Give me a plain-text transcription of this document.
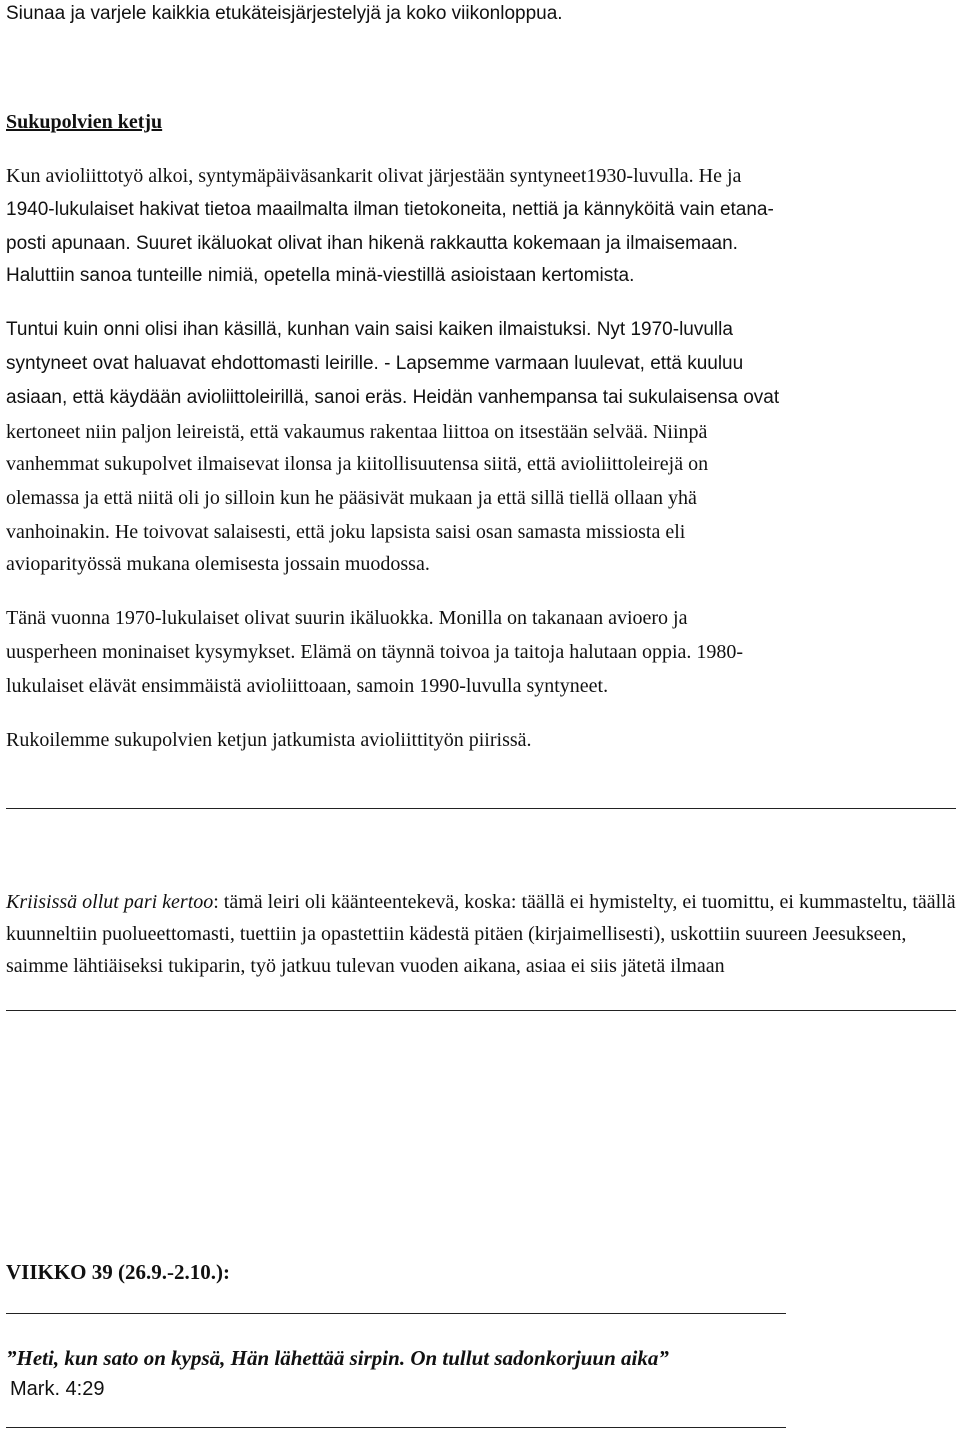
Siunaa ja varjele kaikkia etukäteisjärjestelyjä ja koko viikonloppua.
Sukupolvien ketju
Kun avioliittotyö alkoi, syntymäpäiväsankarit olivat järjestään syntyneet1930-luvulla. He ja
1940-lukulaiset hakivat tietoa maailmalta ilman tietokoneita, nettiä ja kännyköitä vain etana-
posti apunaan. Suuret ikäluokat olivat ihan hikenä rakkautta kokemaan ja ilmaisemaan.
Haluttiin sanoa tunteille nimiä, opetella minä-viestillä asioistaan kertomista.
Tuntui kuin onni olisi ihan käsillä, kunhan vain saisi kaiken ilmaistuksi. Nyt 1970-luvulla
syntyneet ovat haluavat ehdottomasti leirille. - Lapsemme varmaan luulevat, että kuuluu
asiaan, että käydään avioliittoleirillä, sanoi eräs. Heidän vanhempansa tai sukulaisensa ovat
kertoneet niin paljon leireistä, että vakaumus rakentaa liittoa on itsestään selvää. Niinpä
vanhemmat sukupolvet ilmaisevat ilonsa ja kiitollisuutensa siitä, että avioliittoleirejä on
olemassa ja että niitä oli jo silloin kun he pääsivät mukaan ja että sillä tiellä ollaan yhä
vanhoinakin. He toivovat salaisesti, että joku lapsista saisi osan samasta missiosta eli
avioparityössä mukana olemisesta jossain muodossa.
Tänä vuonna 1970-lukulaiset olivat suurin ikäluokka. Monilla on takanaan avioero ja
uusperheen moninaiset kysymykset. Elämä on täynnä toivoa ja taitoja halutaan oppia. 1980-
lukulaiset elävät ensimmäistä avioliittoaan, samoin 1990-luvulla syntyneet.
Rukoilemme sukupolvien ketjun jatkumista avioliittityön piirissä.
Kriisissä ollut pari kertoo: tämä leiri oli käänteentekevä, koska: täällä ei hymistelty, ei tuomittu, ei kummasteltu, täällä kuunneltiin puolueettomasti, tuettiin ja opastettiin kädestä pitäen (kirjaimellisesti), uskottiin suureen Jeesukseen, saimme lähtiäiseksi tukiparin, työ jatkuu tulevan vuoden aikana, asiaa ei siis jätetä ilmaan
VIIKKO 39 (26.9.-2.10.):
”Heti, kun sato on kypsä, Hän lähettää sirpin. On tullut sadonkorjuun aika”
Mark. 4:29
